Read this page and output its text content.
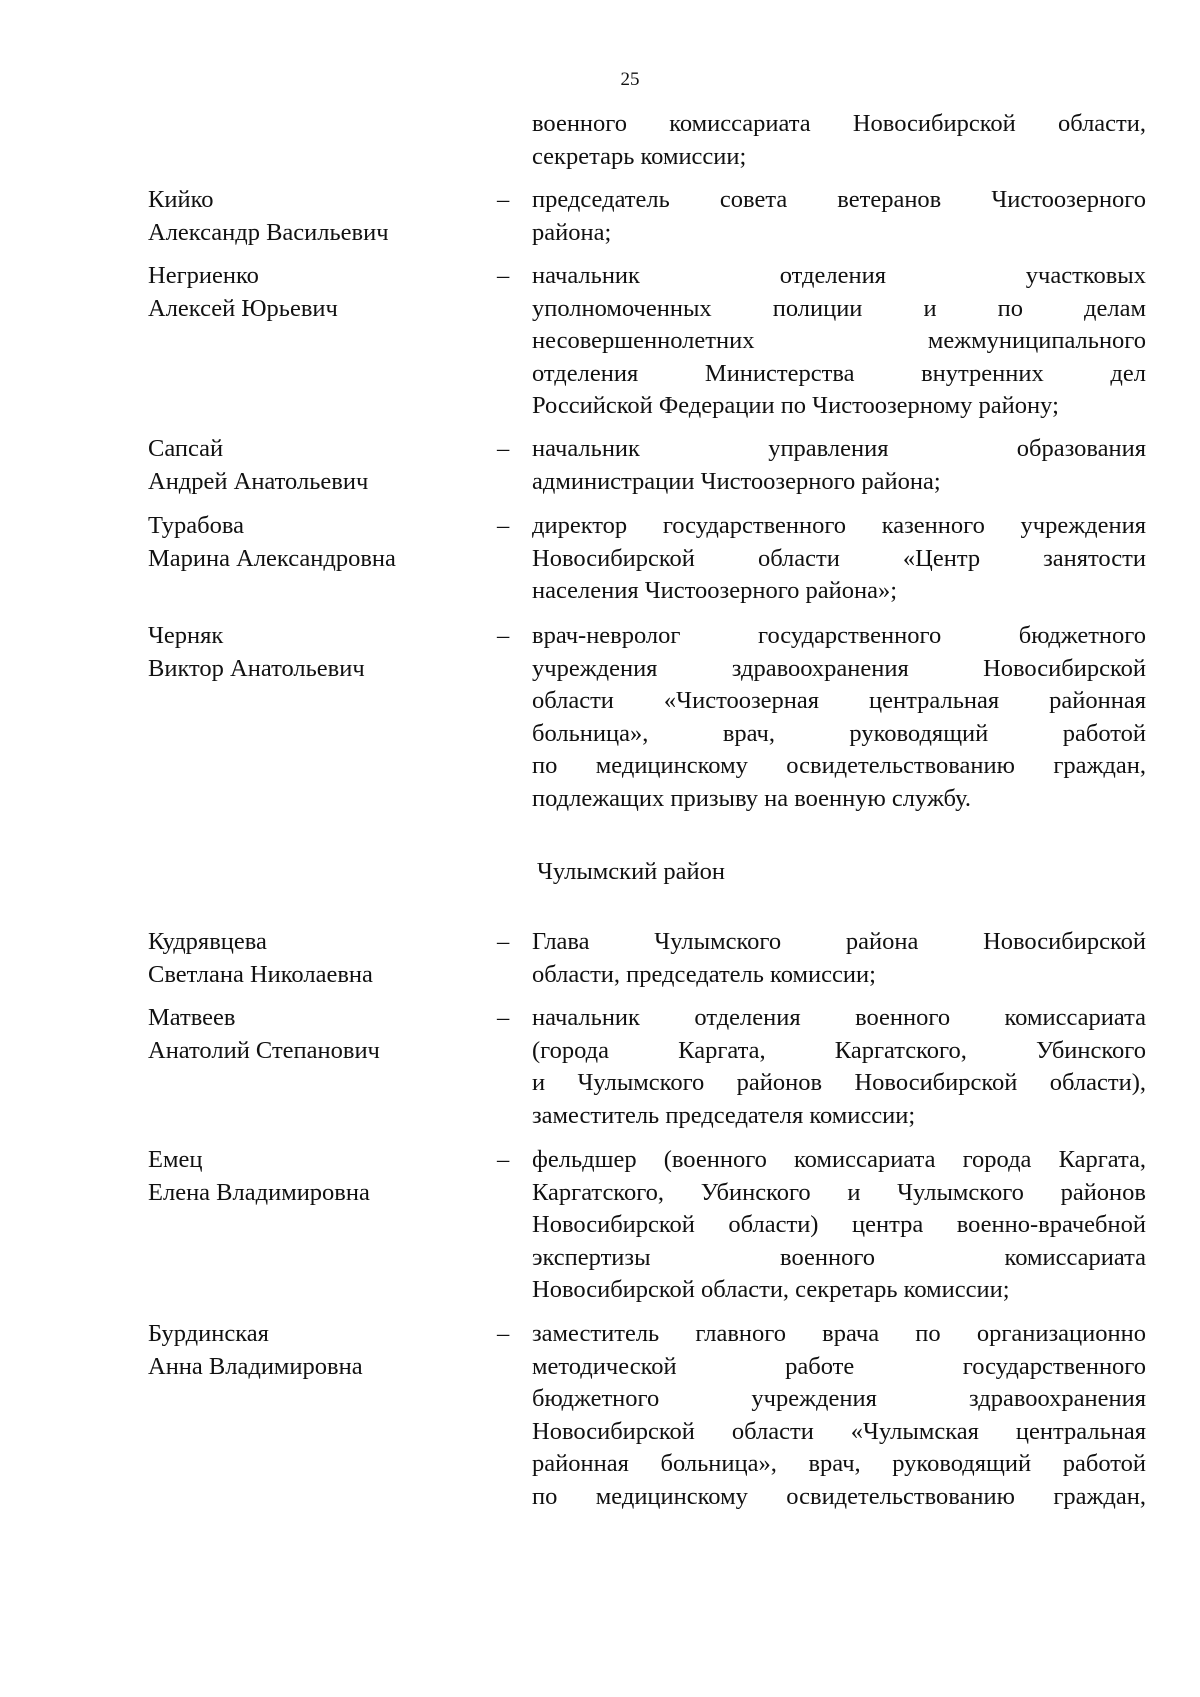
25
военного комиссариата Новосибирской области,
секретарь комиссии;
Кийко
Александр Васильевич
– председатель совета ветеранов Чистоозерного
района;
Негриенко
Алексей Юрьевич
– начальник отделения участковых
уполномоченных полиции и по делам
несовершеннолетних межмуниципального
отделения Министерства внутренних дел
Российской Федерации по Чистоозерному району;
Сапсай
Андрей Анатольевич
– начальник управления образования
администрации Чистоозерного района;
Турабова
Марина Александровна
– директор государственного казенного учреждения
Новосибирской области «Центр занятости
населения Чистоозерного района»;
Черняк
Виктор Анатольевич
– врач-невролог государственного бюджетного
учреждения здравоохранения Новосибирской
области «Чистоозерная центральная районная
больница», врач, руководящий работой
по медицинскому освидетельствованию граждан,
подлежащих призыву на военную службу.
Чулымский район
Кудрявцева
Светлана Николаевна
– Глава Чулымского района Новосибирской
области, председатель комиссии;
Матвеев
Анатолий Степанович
– начальник отделения военного комиссариата
(города Каргата, Каргатского, Убинского
и Чулымского районов Новосибирской области),
заместитель председателя комиссии;
Емец
Елена Владимировна
– фельдшер (военного комиссариата города Каргата,
Каргатского, Убинского и Чулымского районов
Новосибирской области) центра военно-врачебной
экспертизы военного комиссариата
Новосибирской области, секретарь комиссии;
Бурдинская
Анна Владимировна
– заместитель главного врача по организационно
методической работе государственного
бюджетного учреждения здравоохранения
Новосибирской области «Чулымская центральная
районная больница», врач, руководящий работой
по медицинскому освидетельствованию граждан,
